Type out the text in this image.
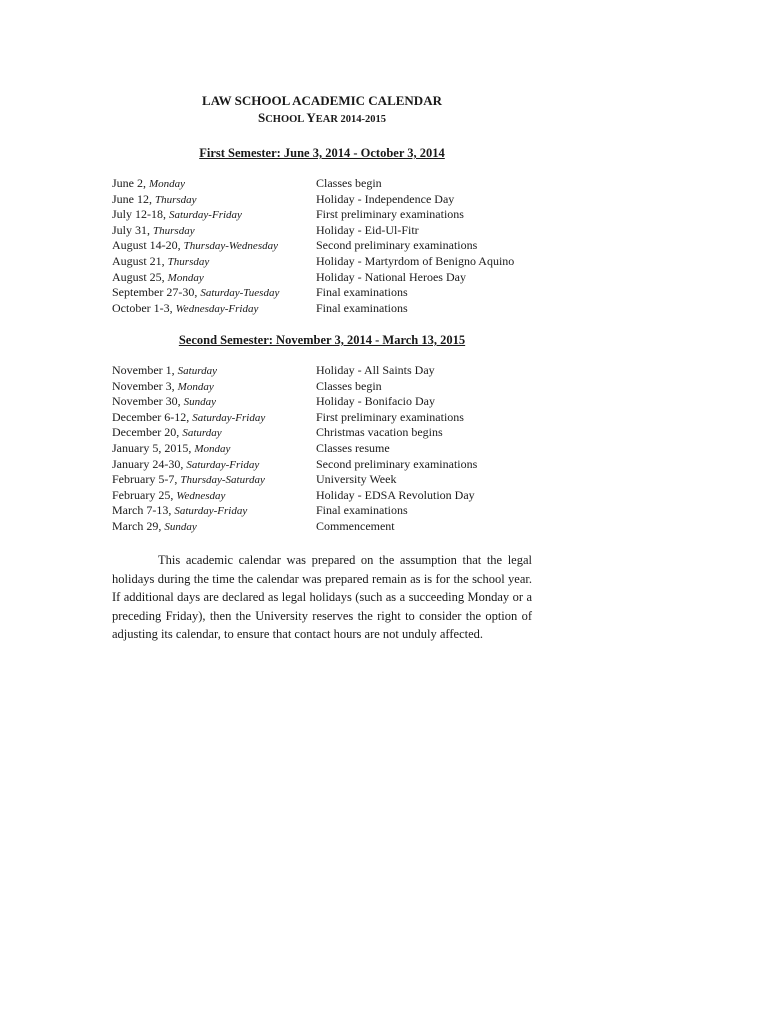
LAW SCHOOL ACADEMIC CALENDAR
SCHOOL YEAR 2014-2015
First Semester: June 3, 2014 - October 3, 2014
June 2, Monday	Classes begin
June 12, Thursday	Holiday - Independence Day
July 12-18, Saturday-Friday	First preliminary examinations
July 31, Thursday	Holiday - Eid-Ul-Fitr
August 14-20, Thursday-Wednesday	Second preliminary examinations
August 21, Thursday	Holiday - Martyrdom of Benigno Aquino
August 25, Monday	Holiday - National Heroes Day
September 27-30, Saturday-Tuesday	Final examinations
October 1-3, Wednesday-Friday	Final examinations
Second Semester: November 3, 2014 - March 13, 2015
November 1, Saturday	Holiday - All Saints Day
November 3, Monday	Classes begin
November 30, Sunday	Holiday - Bonifacio Day
December 6-12, Saturday-Friday	First preliminary examinations
December 20, Saturday	Christmas vacation begins
January 5, 2015, Monday	Classes resume
January 24-30, Saturday-Friday	Second preliminary examinations
February 5-7, Thursday-Saturday	University Week
February 25, Wednesday	Holiday - EDSA Revolution Day
March 7-13, Saturday-Friday	Final examinations
March 29, Sunday	Commencement
This academic calendar was prepared on the assumption that the legal holidays during the time the calendar was prepared remain as is for the school year. If additional days are declared as legal holidays (such as a succeeding Monday or a preceding Friday), then the University reserves the right to consider the option of adjusting its calendar, to ensure that contact hours are not unduly affected.
